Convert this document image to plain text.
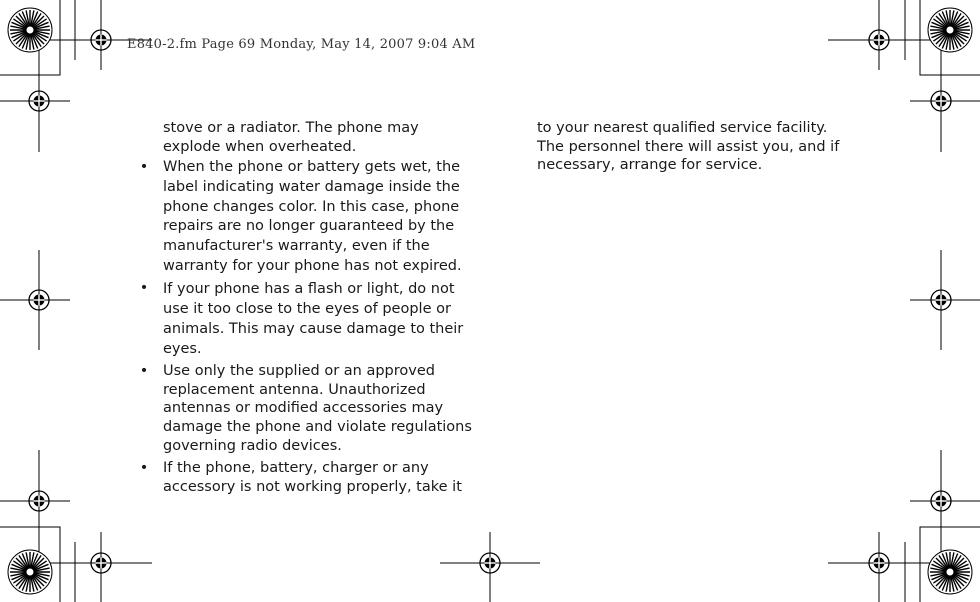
E840-2.fm Page 69 Monday, May 14, 2007 9:04 AM

stove or a radiator. The phone may explode when overheated.

• When the phone or battery gets wet, the label indicating water damage inside the phone changes color. In this case, phone repairs are no longer guaranteed by the manufacturer's warranty, even if the warranty for your phone has not expired.
• If your phone has a flash or light, do not use it too close to the eyes of people or animals. This may cause damage to their eyes.
• Use only the supplied or an approved replacement antenna. Unauthorized antennas or modified accessories may damage the phone and violate regulations governing radio devices.
• If the phone, battery, charger or any accessory is not working properly, take it

to your nearest qualified service facility. The personnel there will assist you, and if necessary, arrange for service.
